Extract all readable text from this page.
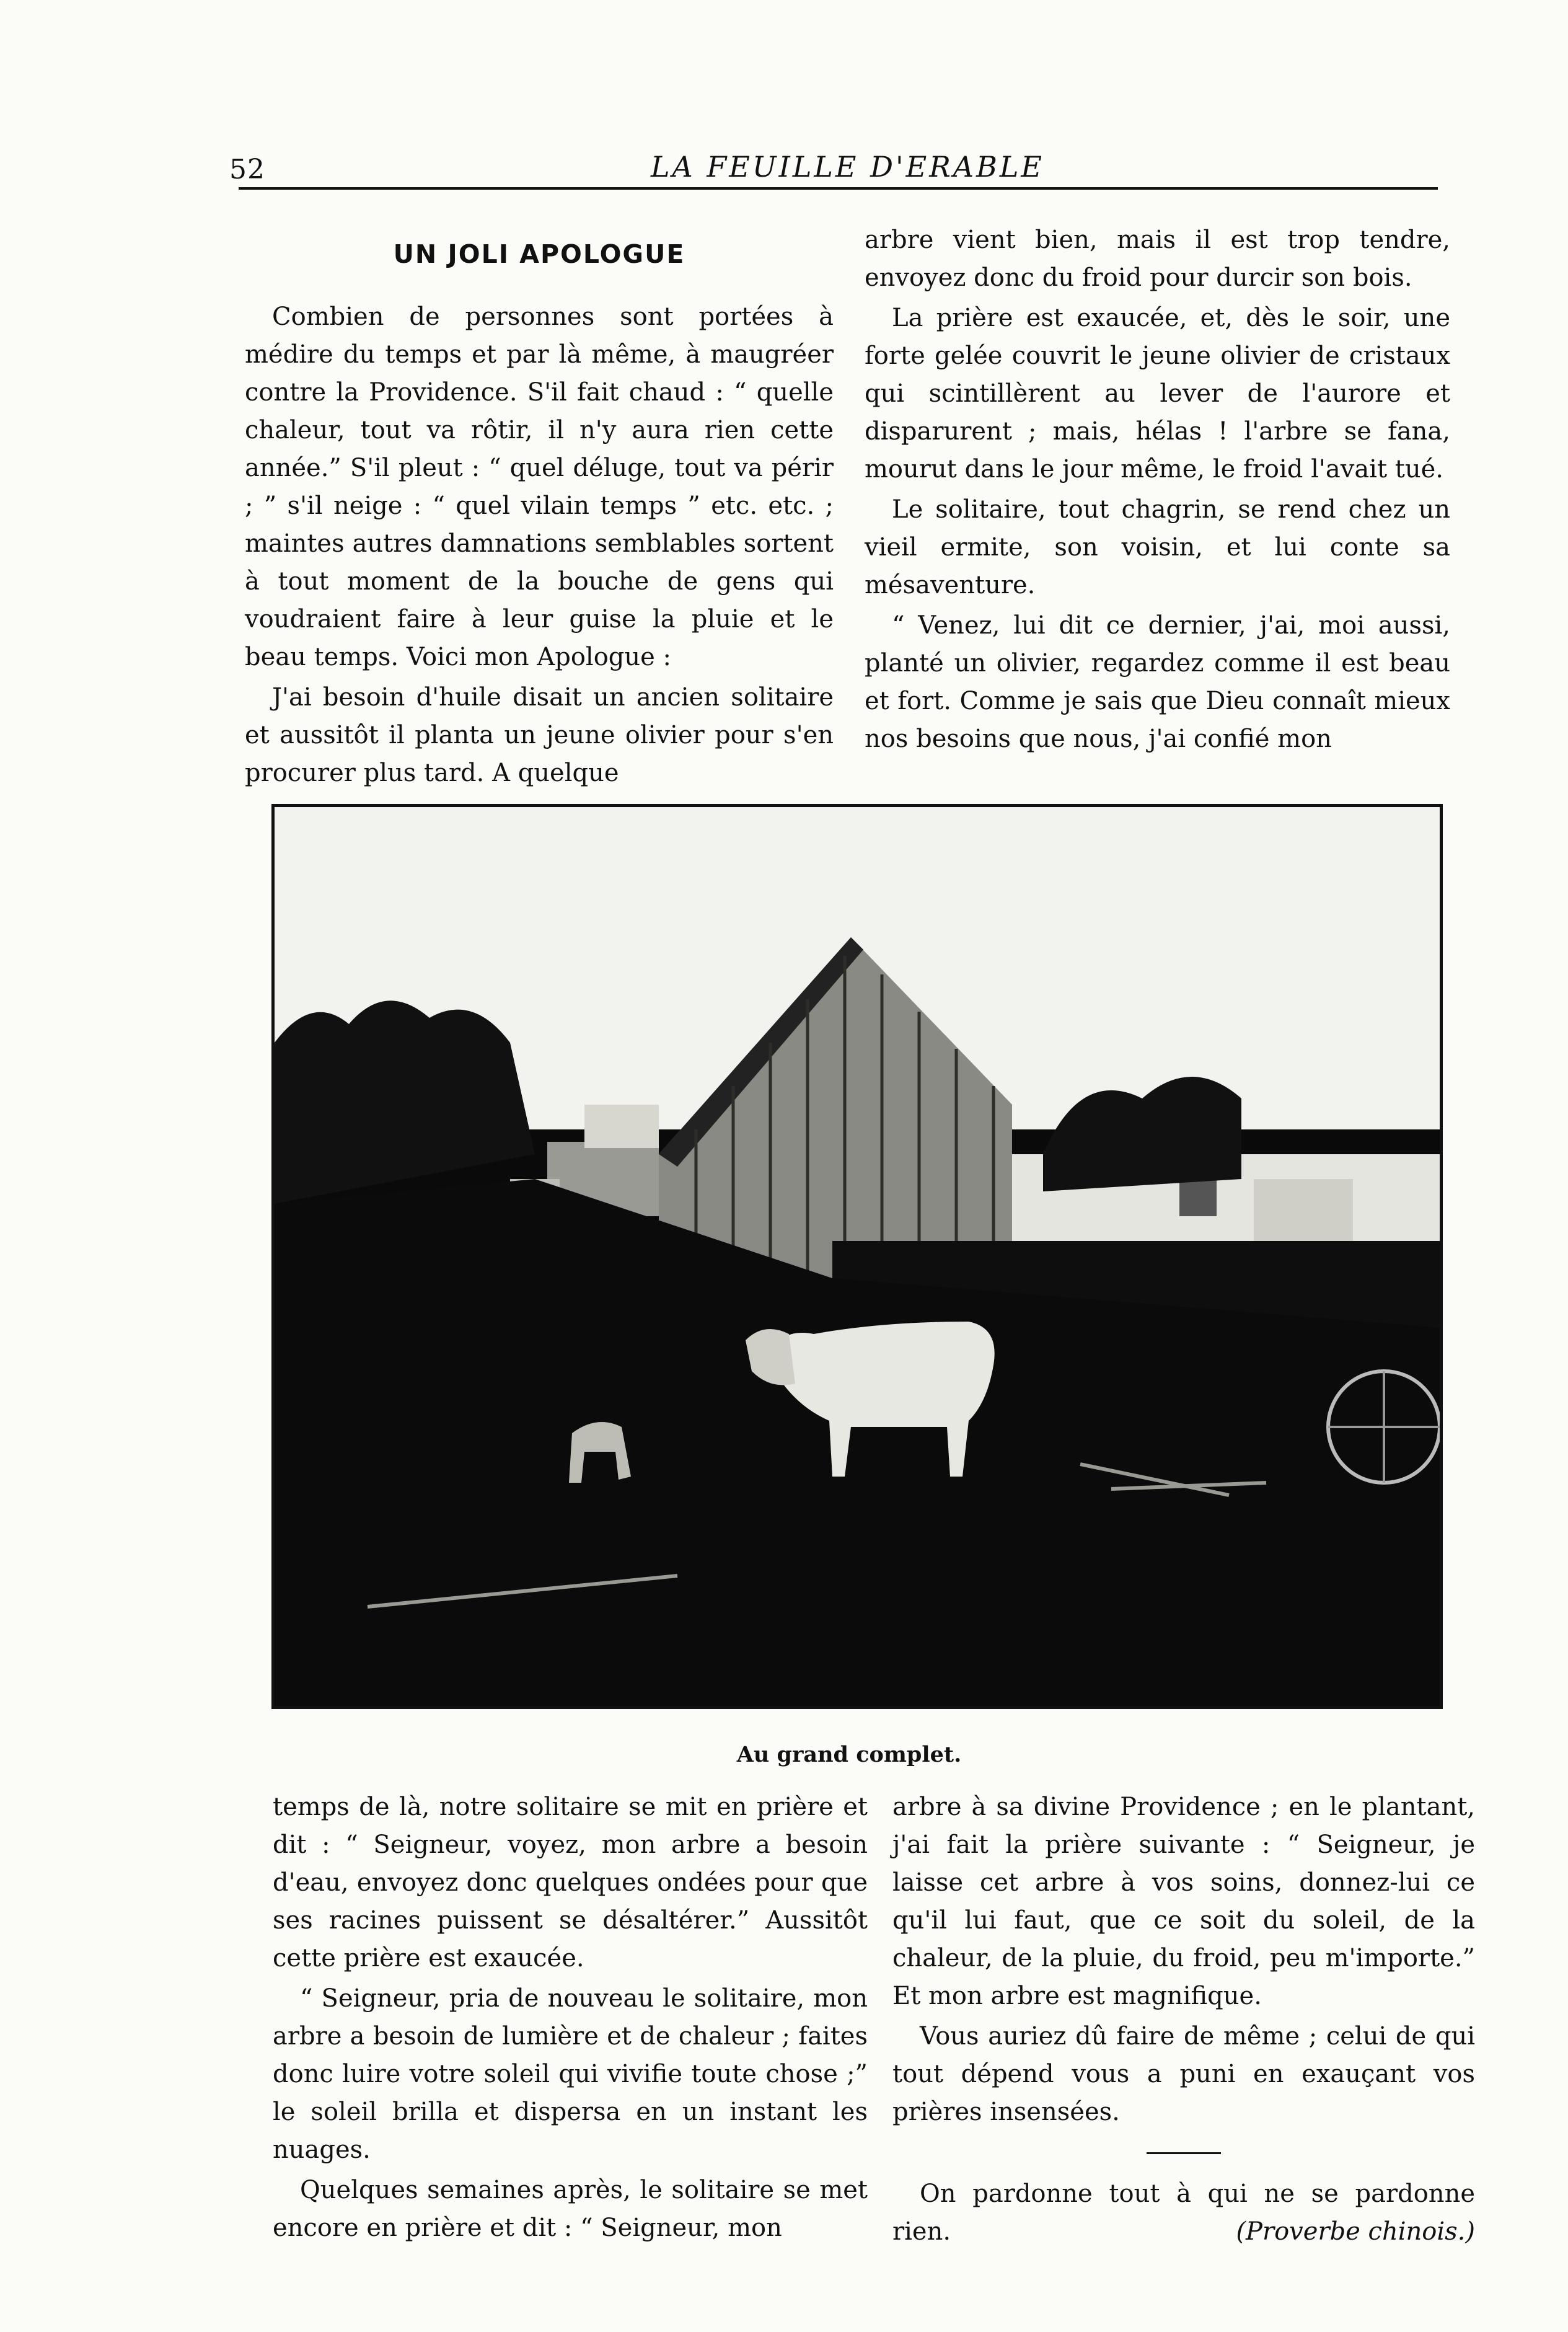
52	LA FEUILLE D'ERABLE
UN JOLI APOLOGUE

Combien de personnes sont portées à médire du temps et par là même, à maugréer contre la Providence. S'il fait chaud : “ quelle chaleur, tout va rôtir, il n'y aura rien cette année.” S'il pleut : “ quel déluge, tout va périr ; ” s'il neige : “ quel vilain temps ” etc. etc. ; maintes autres damnations semblables sortent à tout moment de la bouche de gens qui voudraient faire à leur guise la pluie et le beau temps. Voici mon Apologue :

J'ai besoin d'huile disait un ancien solitaire et aussitôt il planta un jeune olivier pour s'en procurer plus tard. A quelque

arbre vient bien, mais il est trop tendre, envoyez donc du froid pour durcir son bois.

La prière est exaucée, et, dès le soir, une forte gelée couvrit le jeune olivier de cristaux qui scintillèrent au lever de l'aurore et disparurent ; mais, hélas ! l'arbre se fana, mourut dans le jour même, le froid l'avait tué.

Le solitaire, tout chagrin, se rend chez un vieil ermite, son voisin, et lui conte sa mésaventure.

“ Venez, lui dit ce dernier, j'ai, moi aussi, planté un olivier, regardez comme il est beau et fort. Comme je sais que Dieu connaît mieux nos besoins que nous, j'ai confié mon

Au grand complet.

temps de là, notre solitaire se mit en prière et dit : “ Seigneur, voyez, mon arbre a besoin d'eau, envoyez donc quelques ondées pour que ses racines puissent se désaltérer.” Aussitôt cette prière est exaucée.

“ Seigneur, pria de nouveau le solitaire, mon arbre a besoin de lumière et de chaleur ; faites donc luire votre soleil qui vivifie toute chose ;” le soleil brilla et dispersa en un instant les nuages.

Quelques semaines après, le solitaire se met encore en prière et dit : “ Seigneur, mon

arbre à sa divine Providence ; en le plantant, j'ai fait la prière suivante : “ Seigneur, je laisse cet arbre à vos soins, donnez-lui ce qu'il lui faut, que ce soit du soleil, de la chaleur, de la pluie, du froid, peu m'importe.” Et mon arbre est magnifique.

Vous auriez dû faire de même ; celui de qui tout dépend vous a puni en exauçant vos prières insensées.

On pardonne tout à qui ne se pardonne rien.	(Proverbe chinois.)
